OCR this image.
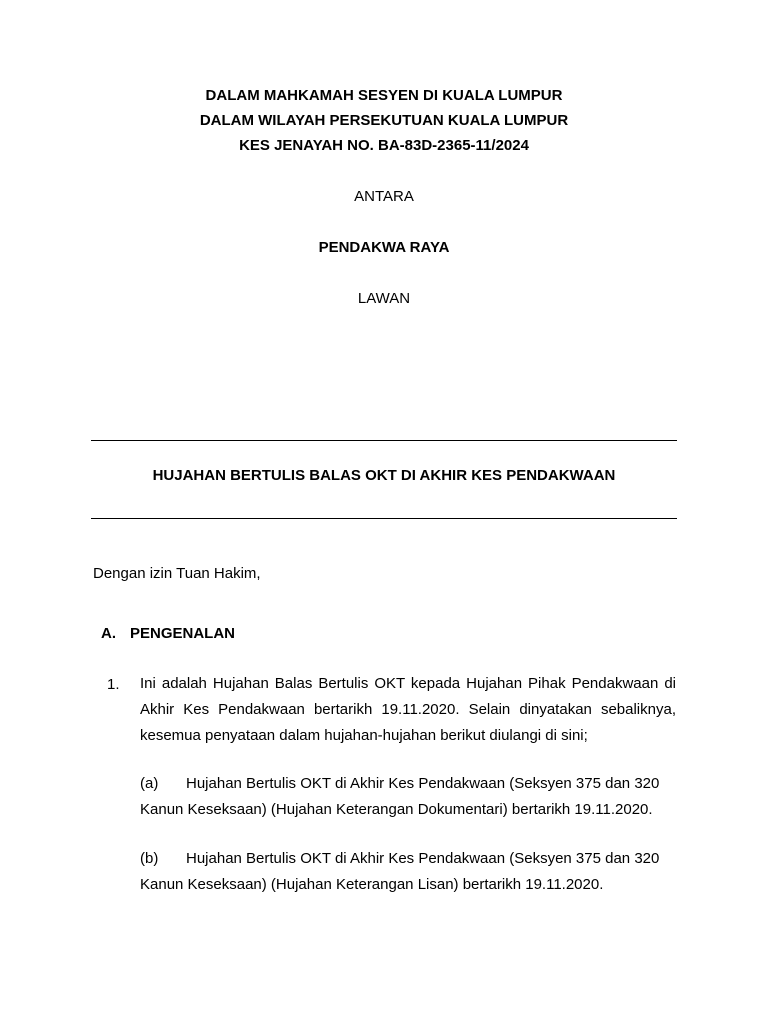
DALAM MAHKAMAH SESYEN DI KUALA LUMPUR
DALAM WILAYAH PERSEKUTUAN KUALA LUMPUR
KES JENAYAH NO. BA-83D-2365-11/2024
ANTARA
PENDAKWA RAYA
LAWAN
HUJAHAN BERTULIS BALAS OKT DI AKHIR KES PENDAKWAAN
Dengan izin Tuan Hakim,
A. PENGENALAN
1. Ini adalah Hujahan Balas Bertulis OKT kepada Hujahan Pihak Pendakwaan di Akhir Kes Pendakwaan bertarikh 19.11.2020. Selain dinyatakan sebaliknya, kesemua penyataan dalam hujahan-hujahan berikut diulangi di sini;
(a) Hujahan Bertulis OKT di Akhir Kes Pendakwaan (Seksyen 375 dan 320
Kanun Keseksaan) (Hujahan Keterangan Dokumentari) bertarikh 19.11.2020.
(b) Hujahan Bertulis OKT di Akhir Kes Pendakwaan (Seksyen 375 dan 320
Kanun Keseksaan) (Hujahan Keterangan Lisan) bertarikh 19.11.2020.
